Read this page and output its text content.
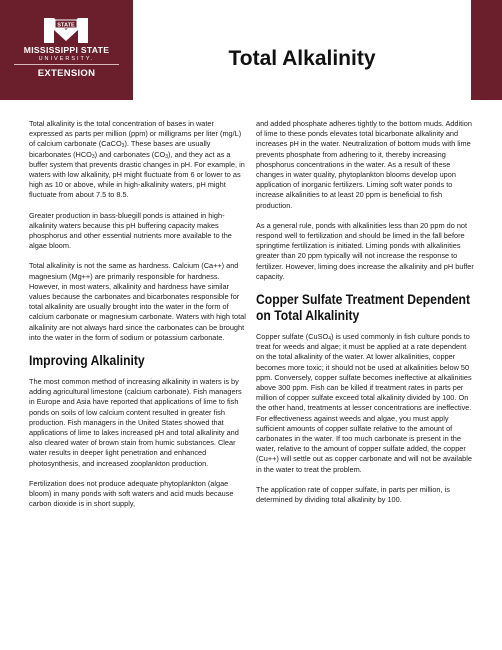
STATE
MISSISSIPPI STATE
UNIVERSITY.
EXTENSION
Total Alkalinity

Total alkalinity is the total concentration of bases in water expressed as parts per million (ppm) or milligrams per liter (mg/L) of calcium carbonate (CaCO$_3$). These bases are usually bicarbonates $(HCO_3)$ and carbonates $(CO_3)$, and they act as a buffer system that prevents drastic changes in pH. For example, in waters with low alkalinity, pH might fluctuate from 6 or lower to as high as 10 or above, while in high-alkalinity waters, pH might fluctuate from about 7.5 to 8.5.

Greater production in bass-bluegill ponds is attained in high-alkalinity waters because this pH buffering capacity makes phosphorus and other essential nutrients more available to the algae bloom.

Total alkalinity is not the same as hardness. Calcium (Ca++) and magnesium (Mg++) are primarily responsible for hardness. However, in most waters, alkalinity and hardness have similar values because the carbonates and bicarbonates responsible for total alkalinity are usually brought into the water in the form of calcium carbonate or magnesium carbonate. Waters with high total alkalinity are not always hard since the carbonates can be brought into the water in the form of sodium or potassium carbonate.

Improving Alkalinity

The most common method of increasing alkalinity in waters is by adding agricultural limestone (calcium carbonate). Fish managers in Europe and Asia have reported that applications of lime to fish ponds on soils of low calcium content resulted in greater fish production. Fish managers in the United States showed that applications of lime to lakes increased pH and total alkalinity and also cleared water of brown stain from humic substances. Clear water results in deeper light penetration and enhanced photosynthesis, and increased zooplankton production.

Fertilization does not produce adequate phytoplankton (algae bloom) in many ponds with soft waters and acid muds because carbon dioxide is in short supply,

and added phosphate adheres tightly to the bottom muds. Addition of lime to these ponds elevates total bicarbonate alkalinity and increases pH in the water. Neutralization of bottom muds with lime prevents phosphate from adhering to it, thereby increasing phosphorus concentrations in the water. As a result of these changes in water quality, phytoplankton blooms develop upon application of inorganic fertilizers. Liming soft water ponds to increase alkalinities to at least 20 ppm is beneficial to fish production.

As a general rule, ponds with alkalinities less than 20 ppm do not respond well to fertilization and should be limed in the fall before springtime fertilization is initiated. Liming ponds with alkalinities greater than 20 ppm typically will not increase the response to fertilizer. However, liming does increase the alkalinity and pH buffer capacity.

Copper Sulfate Treatment Dependent on Total Alkalinity

Copper sulfate (CuSO$_4$) is used commonly in fish culture ponds to treat for weeds and algae; it must be applied at a rate dependent on the total alkalinity of the water. At lower alkalinities, copper becomes more toxic; it should not be used at alkalinities below 50 ppm. Conversely, copper sulfate becomes ineffective at alkalinities above 300 ppm. Fish can be killed if treatment rates in parts per million of copper sulfate exceed total alkalinity divided by 100. On the other hand, treatments at lesser concentrations are ineffective. For effectiveness against weeds and algae, you must apply sufficient amounts of copper sulfate relative to the amount of carbonates in the water. If too much carbonate is present in the water, relative to the amount of copper sulfate added, the copper (Cu++) will settle out as copper carbonate and will not be available in the water to treat the problem.

The application rate of copper sulfate, in parts per million, is determined by dividing total alkalinity by 100.
